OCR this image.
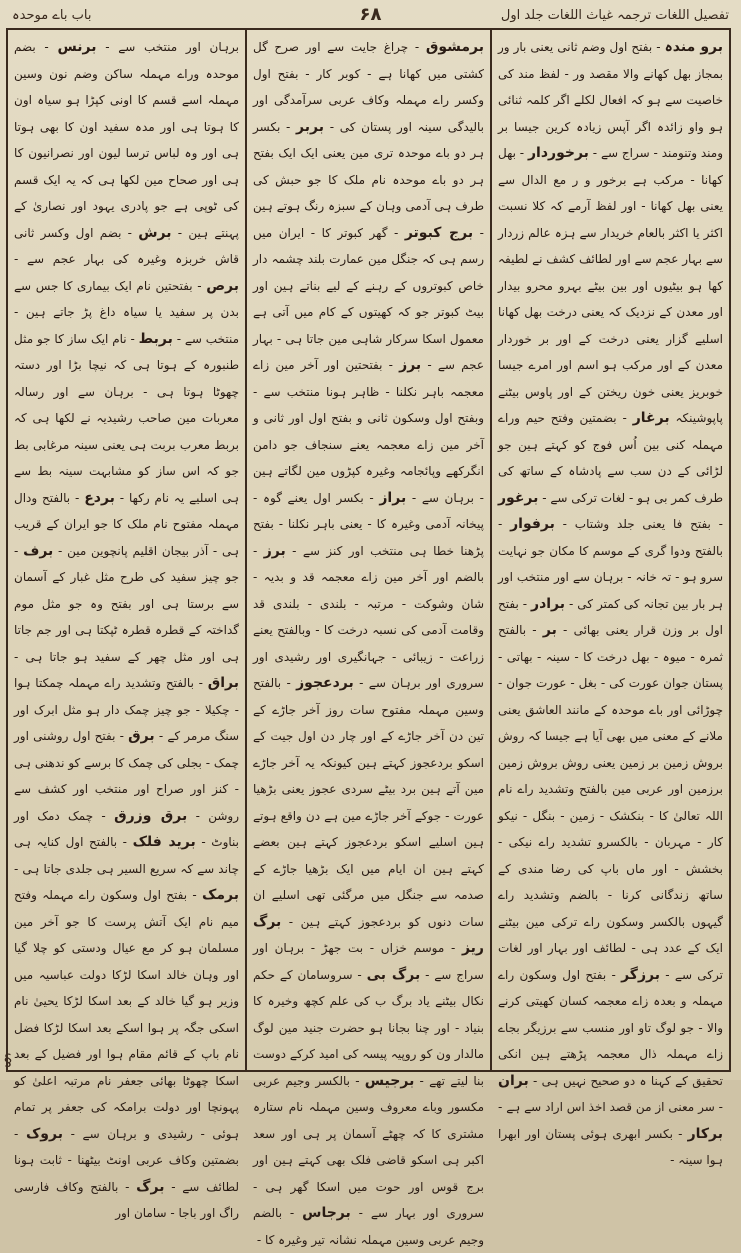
تفصیل اللغات ترجمہ غیاث اللغات جلد اول
۶۸
باب باے موحدہ
برو مندہ - بفتح اول وضم ثانی یعنی بار ور بمجاز بھل کھانے والا مقصد ور - لفظ مند کی خاصیت سے ہو کہ افعال لکلے اگر کلمہ ثنائی ہو واو زائدہ اگر آپس زیادہ کرین جیسا بر ومند وتنومند - سراج سے - برخوردار - بھل کھانا - مرکب ہے برخور و ر مع الدال سے یعنی بھل کھانا - اور لفظ آرمے کہ کلا نسبت اکثر یا اکثر بالعام خریدار سے ہزہ عالم زردار سے بہار عجم سے اور لطائف کشف نے لطیفہ کھا ہو بیٹیوں اور بین بیٹے بہرو محرو بیدار اور معدن کے نزدیک کہ یعنی درخت بھل کھانا اسلیے گزار یعنی درخت کے اور بر خوردار معدن کے اور مرکب ہو اسم اور امرے جیسا خوبریز یعنی خون ریختن کے اور پاوس بیٹنے پاپوشینکہ برغار - بضمتین وفتح حیم وراے مہملہ کنی بین اُس فوج کو کہتے ہین جو لڑائی کے دن سب سے پادشاہ کے ساتھ کی طرف کمر بی ہو - لغات ترکی سے - برغور - بفتح فا یعنی جلد وشتاب - برفوار - بالفتح ودوا گری کے موسم کا مکان جو نہایت سرو ہو - تہ خانہ - برہان سے اور منتخب اور ہر بار بین تجانہ کی کمتر کی - برادر - بفتح اول بر وزن قرار یعنی بھائی - بر - بالفتح ثمرہ - میوہ - بھل درخت کا - سینہ - بھاتی - پستان جوان عورت کی - بغل - عورت جوان - چوڑائی اور باے موحدہ کے مانند العاشق یعنی ملانے کے معنی میں بھی آیا ہے جیسا کہ روش بروش زمین بر زمین یعنی روش بروش زمین برزمین اور عربی مین بالفتح وتشدید راے نام اللہ تعالیٰ کا - بنکشک - زمین - بنگل - نیکو کار - مہربان - بالکسرو تشدید راے نیکی - بخشش - اور ماں باپ کی رضا مندی کے ساتھ زندگانی کرنا - بالضم وتشدید راے گیہوں بالکسر وسکون راے ترکی مین بیٹنے ایک کے عدد ہی - لطائف اور بہار اور لغات ترکی سے - برزگر - بفتح اول وسکون راے مہملہ و بعدہ زاے معجمہ کسان کھیتی کرنے والا - جو لوگ تاو اور منسب سے برزیگر بجاے زاے مہملہ ذال معجمہ پڑھتے ہین انکی تحقیق کے کہنا ہ دو صحیح نہیں ہی - بران - سر معنی از من قصد اخذ اس اراد سے ہے - برکار - بکسر ابھری ہوئی پستان اور ابھرا ہوا سینہ -
برمشوق - چراغ جایت سے اور صرح گل کشتی میں کھانا ہے - کوبر کار - بفتح اول وکسر راے مہملہ وکاف عربی سرآمدگی اور بالیدگی سینہ اور پستان کی - بربر - بکسر ہر دو باے موحدہ تری مین یعنی ایک ایک بفتح ہر دو باے موحدہ نام ملک کا جو حبش کی طرف ہی آدمی وہان کے سبزہ رنگ ہوتے ہین - برج کبوتر - گھر کبوتر کا - ایران میں رسم ہی کہ جنگل مین عمارت بلند چشمہ دار خاص کبوتروں کے رہنے کے لیے بناتے ہین اور بیٹ کبوتر جو کہ کھیتوں کے کام میں آتی ہے معمول اسکا سرکار شاہی مین جاتا ہی - بہار عجم سے - برز - بفتحتین اور آخر مین زاے معجمہ باہر نکلنا - ظاہر ہونا منتخب سے - وبفتح اول وسکون ثانی و بفتح اول اور ثانی و آخر مین زاے معجمہ یعنے سنجاف جو دامن انگرکھے وپائجامہ وغیرہ کپڑوں مین لگاتے ہین - برہان سے - براز - بکسر اول یعنے گوہ - پیخانہ آدمی وغیرہ کا - یعنی باہر نکلنا - بفتح پڑھنا خطا ہی منتخب اور کنز سے - برز - بالضم اور آخر مین زاے معجمہ قد و بدیہ - شان وشوکت - مرتبہ - بلندی - بلندی قد وقامت آدمی کی نسبہ درخت کا - وبالفتح یعنے زراعت - زیبائی - جہانگیری اور رشیدی اور سروری اور برہان سے - بردعجوز - بالفتح وسین مہملہ مفتوح سات روز آخر جاڑے کے تین دن آخر جاڑے کے اور چار دن اول جیت کے اسکو بردعجوز کہتے ہین کیونکہ یہ آخر جاڑے مین آتے ہین برد بیٹے سردی عجوز یعنی بڑھیا عورت - جوکے آخر جاڑے مین ہے دن واقع ہوتے ہین اسلیے اسکو بردعجوز کہتے ہین بعضے کہتے ہین ان ایام میں ایک بڑھیا جاڑے کے صدمہ سے جنگل میں مرگئی تھی اسلیے ان سات دنوں کو بردعجوز کہتے ہین - برگ ریز - موسم خزاں - بت جھڑ - برہان اور سراج سے - برگ بی - سروسامان کے حکم نکال بیٹنے یاد برگ ب کی علم کچھ وخیرہ کا بنیاد - اور چنا بجانا ہو حضرت جنید مین لوگ مالدار ون کو روپیہ پیسہ کی امید کرکے دوست بنا لیتے تھے - برجیس - بالکسر وجیم عربی مکسور وباے معروف وسین مہملہ نام ستارہ مشتری کا کہ چھٹے آسمان پر ہی اور سعد اکبر ہی اسکو قاضی فلک بھی کہتے ہین اور برج قوس اور حوت میں اسکا گھر ہی - سروری اور بہار سے - برجاس - بالضم وجیم عربی وسین مہملہ نشانہ تیر وغیرہ کا -
برہان اور منتخب سے - برنس - بضم موحدہ وراے مہملہ ساکن وضم نون وسین مہملہ اسے قسم کا اونی کپڑا ہو سیاہ اون کا ہوتا ہی اور مدہ سفید اون کا بھی ہوتا ہی اور وہ لباس ترسا لیون اور نصرانیون کا ہی اور صحاح مین لکھا ہی کہ یہ ایک قسم کی ٹوپی ہے جو پادری یہود اور نصاریٰ کے پہنتے ہین - برش - بضم اول وکسر ثانی قاش خربزہ وغیرہ کی بہار عجم سے - برص - بفتحتین نام ایک بیماری کا جس سے بدن پر سفید یا سیاہ داغ پڑ جاتے ہین - منتخب سے - بربط - نام ایک ساز کا جو مثل طنبورہ کے ہوتا ہی کہ نیچا بڑا اور دستہ چھوٹا ہوتا ہی - برہان سے اور رسالہ معربات مین صاحب رشیدیہ نے لکھا ہی کہ بربط معرب بربت ہی یعنی سینہ مرغابی بط جو کہ اس ساز کو مشابہت سینہ بط سے ہی اسلیے یہ نام رکھا - بردع - بالفتح ودال مہملہ مفتوح نام ملک کا جو ایران کے قریب ہی - آذر بیجان اقلیم پانچوین مین - برف - جو چیز سفید کی طرح مثل غبار کے آسمان سے برستا ہی اور بفتح وہ جو مثل موم گداختہ کے قطرہ قطرہ ٹپکتا ہی اور جم جاتا ہی اور مثل چھر کے سفید ہو جاتا ہی - براق - بالفتح وتشدید راے مہملہ چمکتا ہوا - چکیلا - جو چیز چمک دار ہو مثل ابرک اور سنگ مرمر کے - برق - بفتح اول روشنی اور چمک - بجلی کی چمک کا برسے کو ندھنی ہی - کنز اور صراح اور منتخب اور کشف سے روشن - برق وزرق - چمک دمک اور بناوٹ - برید فلک - بالفتح اول کنایہ ہی چاند سے کہ سریع السیر ہی جلدی جاتا ہی - برمک - بفتح اول وسکون راے مہملہ وفتح میم نام ایک آتش پرست کا جو آخر مین مسلمان ہو کر مع عیال ودستی کو چلا گیا اور وہان خالد اسکا لڑکا دولت عباسیہ میں وزیر ہو گیا خالد کے بعد اسکا لڑکا یحییٰ نام اسکی جگہ پر ہوا اسکے بعد اسکا لڑکا فضل نام باپ کے قائم مقام ہوا اور فضیل کے بعد اسکا چھوٹا بھائی جعفر نام مرتبہ اعلیٰ کو پہونچا اور دولت برامکہ کی جعفر پر تمام ہوئی - رشیدی و برہان سے - بروک - بضمتین وکاف عربی اونٹ بیٹھنا - ثابت ہونا لطائف سے - برگ - بالفتح وکاف فارسی راگ اور باجا - سامان اور
§
